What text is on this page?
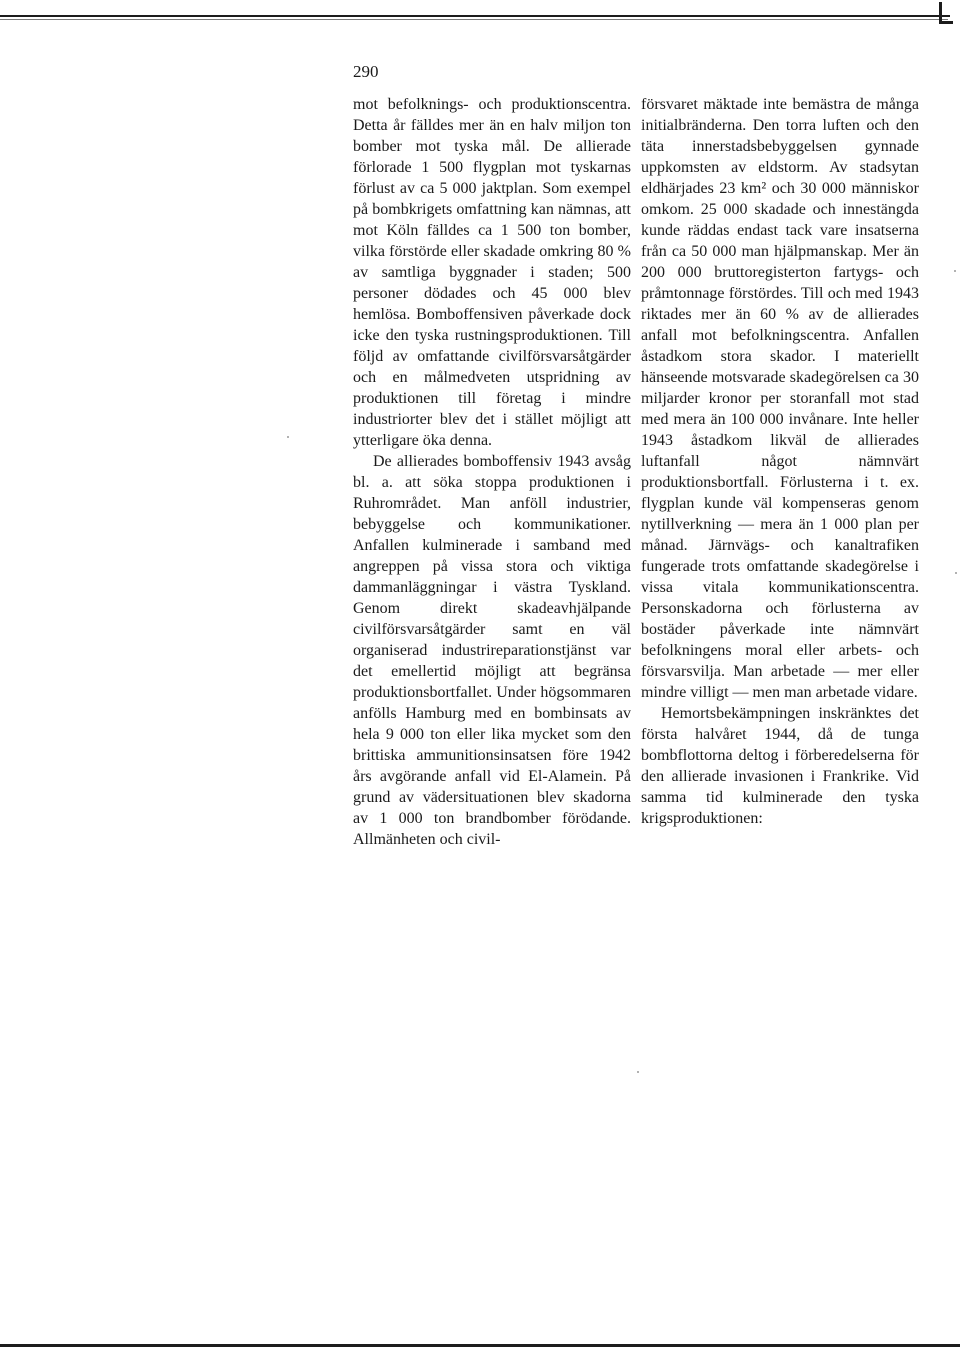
290

mot befolknings- och produktionscentra. Detta år fälldes mer än en halv miljon ton bomber mot tyska mål. De allierade förlorade 1 500 flygplan mot tyskarnas förlust av ca 5 000 jaktplan. Som exempel på bombkrigets omfattning kan nämnas, att mot Köln fälldes ca 1 500 ton bomber, vilka förstörde eller skadade omkring 80 % av samtliga byggnader i staden; 500 personer dödades och 45 000 blev hemlösa. Bomboffensiven påverkade dock icke den tyska rustningsproduktionen. Till följd av omfattande civilförsvarsåtgärder och en målmedveten utspridning av produktionen till företag i mindre industriorter blev det i stället möjligt att ytterligare öka denna.

De allierades bomboffensiv 1943 avsåg bl. a. att söka stoppa produktionen i Ruhrområdet. Man anföll industrier, bebyggelse och kommunikationer. Anfallen kulminerade i samband med angreppen på vissa stora och viktiga dammanläggningar i västra Tyskland. Genom direkt skadeavhjälpande civilförsvarsåtgärder samt en väl organiserad industrireparationstjänst var det emellertid möjligt att begränsa produktionsbortfallet. Under högsommaren anfölls Hamburg med en bombinsats av hela 9 000 ton eller lika mycket som den brittiska ammunitionsinsatsen före 1942 års avgörande anfall vid El-Alamein. På grund av vädersituationen blev skadorna av 1 000 ton brandbomber förödande. Allmänheten och civil-

försvaret mäktade inte bemästra de många initialbränderna. Den torra luften och den täta innerstadsbebyggelsen gynnade uppkomsten av eldstorm. Av stadsytan eldhärjades 23 km² och 30 000 människor omkom. 25 000 skadade och innestängda kunde räddas endast tack vare insatserna från ca 50 000 man hjälpmanskap. Mer än 200 000 bruttoregisterton fartygs- och pråmtonnage förstördes. Till och med 1943 riktades mer än 60 % av de allierades anfall mot befolkningscentra. Anfallen åstadkom stora skador. I materiellt hänseende motsvarade skadegörelsen ca 30 miljarder kronor per storanfall mot stad med mera än 100 000 invånare. Inte heller 1943 åstadkom likväl de allierades luftanfall något nämnvärt produktionsbortfall. Förlusterna i t. ex. flygplan kunde väl kompenseras genom nytillverkning — mera än 1 000 plan per månad. Järnvägs- och kanaltrafiken fungerade trots omfattande skadegörelse i vissa vitala kommunikationscentra. Personskadorna och förlusterna av bostäder påverkade inte nämnvärt befolkningens moral eller arbets- och försvarsvilja. Man arbetade — mer eller mindre villigt — men man arbetade vidare.

Hemortsbekämpningen inskränktes det första halvåret 1944, då de tunga bombflottorna deltog i förberedelserna för den allierade invasionen i Frankrike. Vid samma tid kulminerade den tyska krigsproduktionen:
